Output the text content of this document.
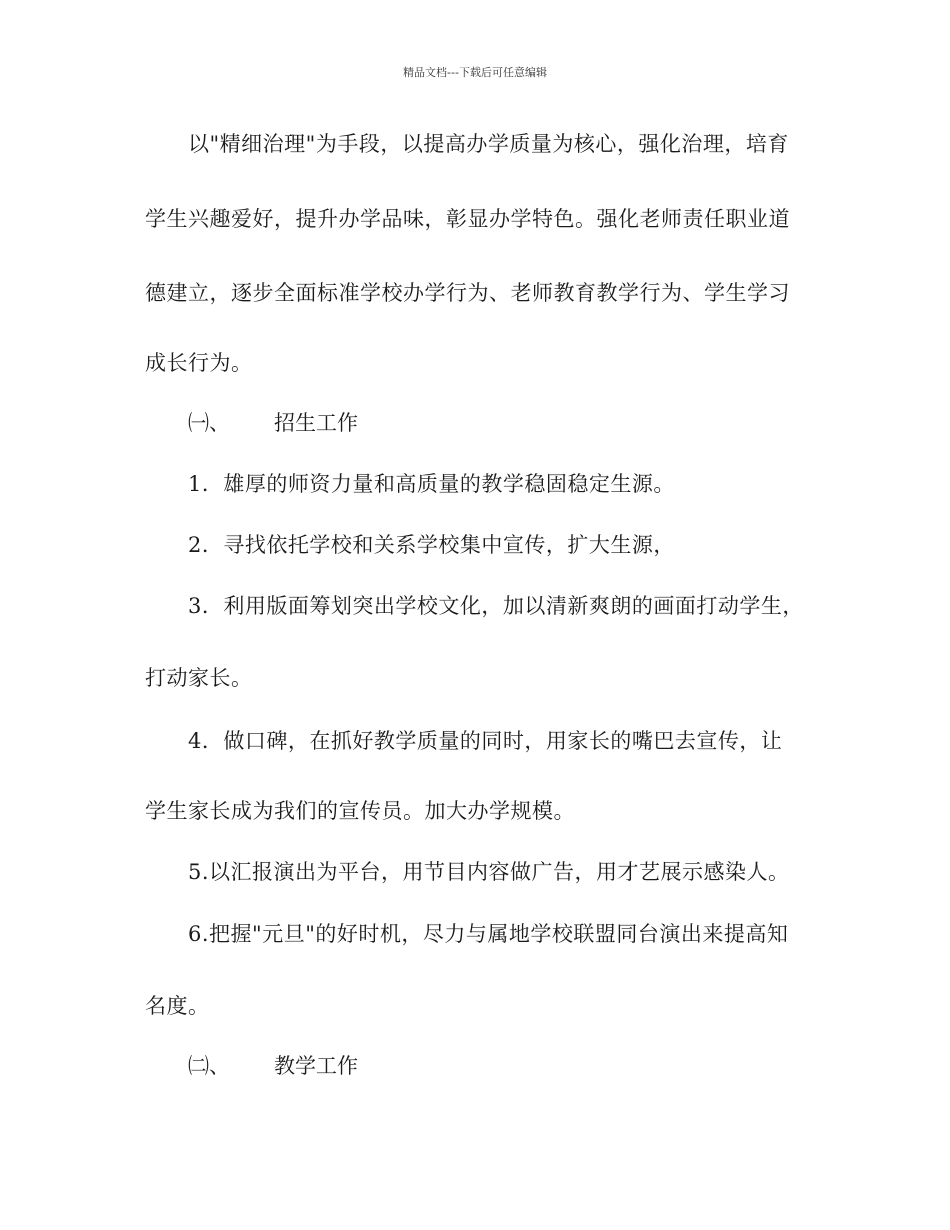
精品文档---下载后可任意编辑
以"精细治理"为手段，以提高办学质量为核心，强化治理，培育
学生兴趣爱好，提升办学品味，彰显办学特色。强化老师责任职业道
德建立，逐步全面标准学校办学行为、老师教育教学行为、学生学习
成长行为。
㈠、 招生工作
1．雄厚的师资力量和高质量的教学稳固稳定生源。
2．寻找依托学校和关系学校集中宣传，扩大生源，
3．利用版面筹划突出学校文化，加以清新爽朗的画面打动学生，
打动家长。
4．做口碑，在抓好教学质量的同时，用家长的嘴巴去宣传，让
学生家长成为我们的宣传员。加大办学规模。
5.以汇报演出为平台，用节目内容做广告，用才艺展示感染人。
6.把握"元旦"的好时机，尽力与属地学校联盟同台演出来提高知
名度。
㈡、 教学工作
